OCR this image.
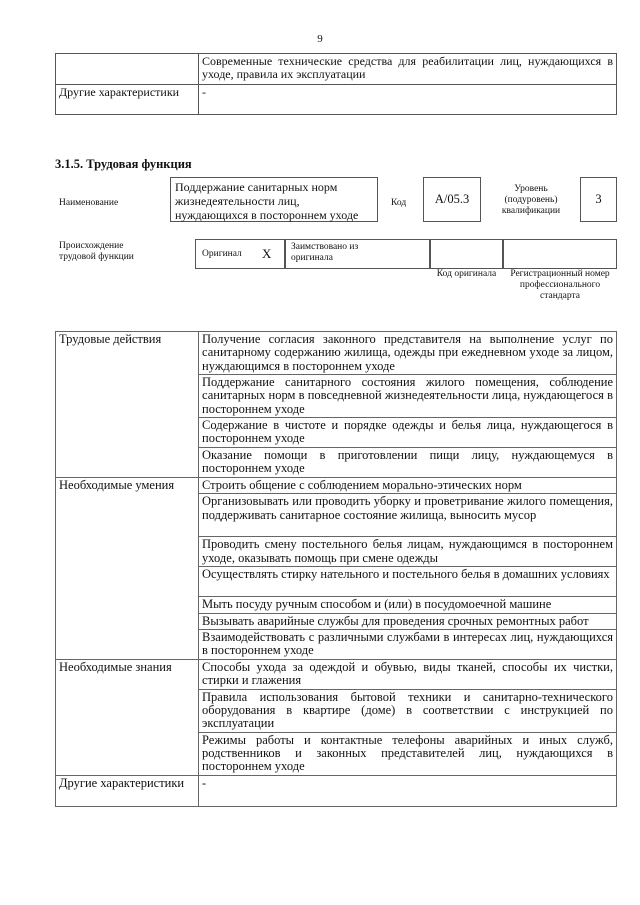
9
	Современные технические средства для реабилитации лиц, нуждающихся в уходе, правила их эксплуатации
Другие характеристики	-
3.1.5. Трудовая функция
Наименование
Поддержание санитарных норм жизнедеятельности лиц, нуждающихся в постороннем уходе
Код	А/05.3
Уровень (подуровень) квалификации
3
Происхождение трудовой функции	Оригинал X Заимствовано из оригинала
Код оригинала	Регистрационный номер профессионального стандарта
Трудовые действия	Получение согласия законного представителя на выполнение услуг по санитарному содержанию жилища, одежды при ежедневном уходе за лицом, нуждающимся в постороннем уходе
	Поддержание санитарного состояния жилого помещения, соблюдение санитарных норм в повседневной жизнедеятельности лица, нуждающегося в постороннем уходе
	Содержание в чистоте и порядке одежды и белья лица, нуждающегося в постороннем уходе
	Оказание помощи в приготовлении пищи лицу, нуждающемуся в постороннем уходе
Необходимые умения	Строить общение с соблюдением морально-этических норм
	Организовывать или проводить уборку и проветривание жилого помещения, поддерживать санитарное состояние жилища, выносить мусор
	Проводить смену постельного белья лицам, нуждающимся в постороннем уходе, оказывать помощь при смене одежды
	Осуществлять стирку нательного и постельного белья в домашних условиях
	Мыть посуду ручным способом и (или) в посудомоечной машине
	Вызывать аварийные службы для проведения срочных ремонтных работ
	Взаимодействовать с различными службами в интересах лиц, нуждающихся в постороннем уходе
Необходимые знания	Способы ухода за одеждой и обувью, виды тканей, способы их чистки, стирки и глажения
	Правила использования бытовой техники и санитарно-технического оборудования в квартире (доме) в соответствии с инструкцией по эксплуатации
	Режимы работы и контактные телефоны аварийных и иных служб, родственников и законных представителей лиц, нуждающихся в постороннем уходе
Другие характеристики	-
